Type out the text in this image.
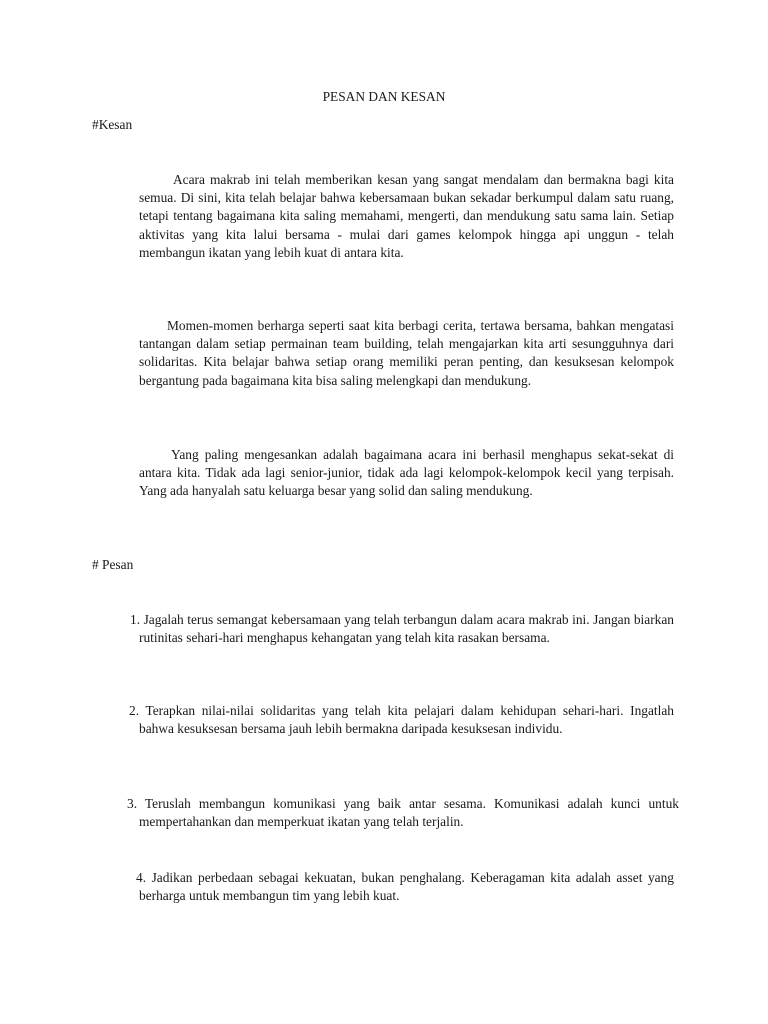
PESAN DAN KESAN
#Kesan

Acara makrab ini telah memberikan kesan yang sangat mendalam dan bermakna bagi kita semua. Di sini, kita telah belajar bahwa kebersamaan bukan sekadar berkumpul dalam satu ruang, tetapi tentang bagaimana kita saling memahami, mengerti, dan mendukung satu sama lain. Setiap aktivitas yang kita lalui bersama - mulai dari games kelompok hingga api unggun - telah membangun ikatan yang lebih kuat di antara kita.

Momen-momen berharga seperti saat kita berbagi cerita, tertawa bersama, bahkan mengatasi tantangan dalam setiap permainan team building, telah mengajarkan kita arti sesungguhnya dari solidaritas. Kita belajar bahwa setiap orang memiliki peran penting, dan kesuksesan kelompok bergantung pada bagaimana kita bisa saling melengkapi dan mendukung.

Yang paling mengesankan adalah bagaimana acara ini berhasil menghapus sekat-sekat di antara kita. Tidak ada lagi senior-junior, tidak ada lagi kelompok-kelompok kecil yang terpisah. Yang ada hanyalah satu keluarga besar yang solid dan saling mendukung.

# Pesan

1. Jagalah terus semangat kebersamaan yang telah terbangun dalam acara makrab ini. Jangan biarkan rutinitas sehari-hari menghapus kehangatan yang telah kita rasakan bersama.

2. Terapkan nilai-nilai solidaritas yang telah kita pelajari dalam kehidupan sehari-hari. Ingatlah bahwa kesuksesan bersama jauh lebih bermakna daripada kesuksesan individu.

3. Teruslah membangun komunikasi yang baik antar sesama. Komunikasi adalah kunci untuk mempertahankan dan memperkuat ikatan yang telah terjalin.

4. Jadikan perbedaan sebagai kekuatan, bukan penghalang. Keberagaman kita adalah asset yang berharga untuk membangun tim yang lebih kuat.
